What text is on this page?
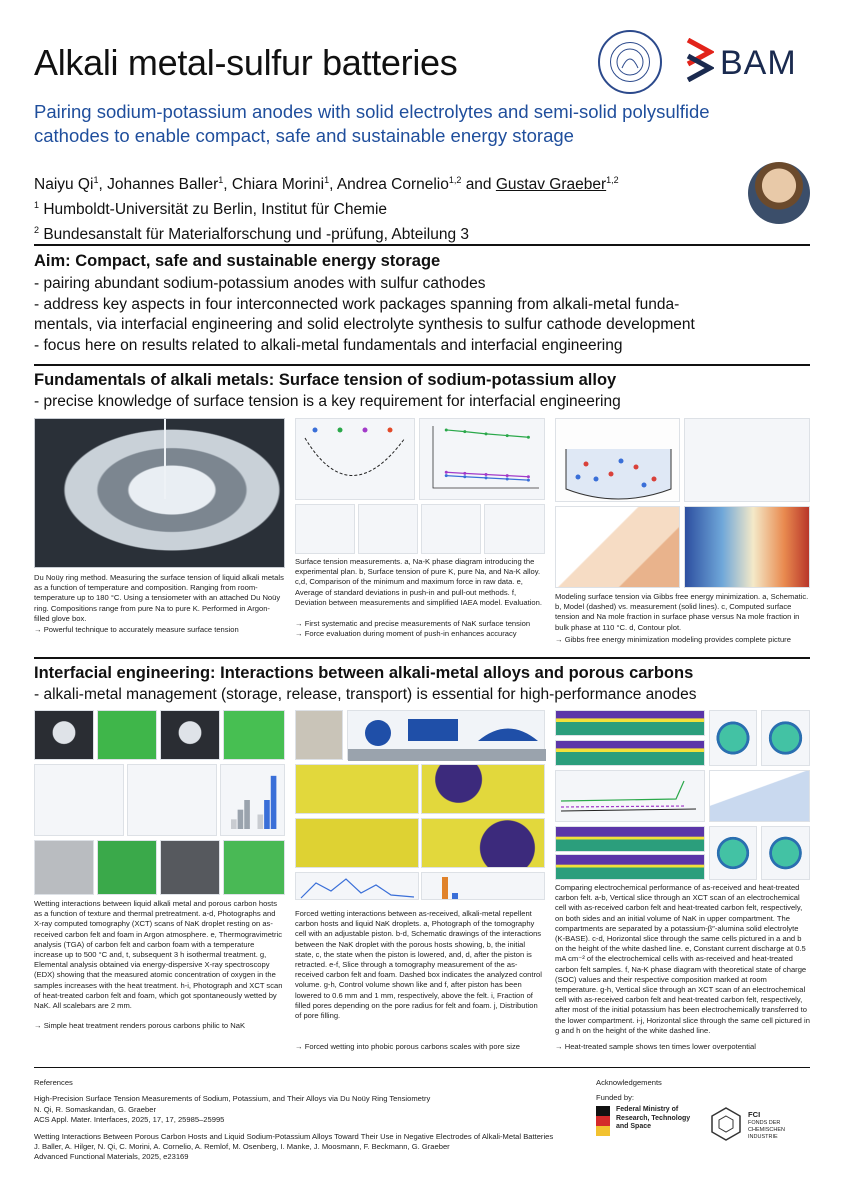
Alkali metal-sulfur batteries	BAM
Pairing sodium-potassium anodes with solid electrolytes and semi-solid polysulfide cathodes to enable compact, safe and sustainable energy storage
Naiyu Qi$^1$, Johannes Baller$^1$, Chiara Morini$^1$, Andrea Cornelio$^{1,2}$ and Gustav Graeber$^{1,2}$
$^1$ Humboldt-Universität zu Berlin, Institut für Chemie
$^2$ Bundesanstalt für Materialforschung und -prüfung, Abteilung 3
Aim: Compact, safe and sustainable energy storage
- pairing abundant sodium-potassium anodes with sulfur cathodes
- address key aspects in four interconnected work packages spanning from alkali-metal funda-
mentals, via interfacial engineering and solid electrolyte synthesis to sulfur cathode development
- focus here on results related to alkali-metal fundamentals and interfacial engineering
Fundamentals of alkali metals: Surface tension of sodium-potassium alloy
- precise knowledge of surface tension is a key requirement for interfacial engineering
Du Noüy ring method. Measuring the surface tension of liquid alkali metals as a function of temperature and composition. Ranging from room-temperature up to 180 °C. Using a tensiometer with an attached Du Noüy ring. Compositions range from pure Na to pure K. Performed in Argon-filled glove box.
→ Powerful technique to accurately measure surface tension
Surface tension measurements. a, Na-K phase diagram introducing the experimental plan. b, Surface tension of pure K, pure Na, and Na-K alloy. c,d, Comparison of the minimum and maximum force in raw data. e, Average of standard deviations in push-in and pull-out methods. f, Deviation between measurements and simplified IAEA model. Evaluation.
→ First systematic and precise measurements of NaK surface tension
→ Force evaluation during moment of push-in enhances accuracy
Modeling surface tension via Gibbs free energy minimization. a, Schematic. b, Model (dashed) vs. measurement (solid lines). c, Computed surface tension and Na mole fraction in surface phase versus Na mole fraction in bulk phase at 110 °C. d, Contour plot.
→ Gibbs free energy minimization modeling provides complete picture
Interfacial engineering: Interactions between alkali-metal alloys and porous carbons
- alkali-metal management (storage, release, transport) is essential for high-performance anodes
Wetting interactions between liquid alkali metal and porous carbon hosts as a function of texture and thermal pretreatment. a-d, Photographs and X-ray computed tomography (XCT) scans of NaK droplet resting on as-received carbon felt and foam in Argon atmosphere. e, Thermogravimetric analysis (TGA) of carbon felt and carbon foam with a temperature increase up to 500 °C and, t, subsequent 3 h isothermal treatment. g, Elemental analysis obtained via energy-dispersive X-ray spectroscopy (EDX) showing that the measured atomic concentration of oxygen in the samples increases with the heat treatment. h-i, Photograph and XCT scan of heat-treated carbon felt and foam, which got spontaneously wetted by NaK. All scalebars are 2 mm.
→ Simple heat treatment renders porous carbons philic to NaK
Forced wetting interactions between as-received, alkali-metal repellent carbon hosts and liquid NaK droplets. a, Photograph of the tomography cell with an adjustable piston. b-d, Schematic drawings of the interactions between the NaK droplet with the porous hosts showing, b, the initial state, c, the state when the piston is lowered, and, d, after the piston is retracted. e-f, Slice through a tomography measurement of the as-received carbon felt and foam. Dashed box indicates the analyzed control volume. g-h, Control volume shown like and f, after piston has been lowered to 0.6 mm and 1 mm, respectively, above the felt. i, Fraction of filled pores depending on the pore radius for felt and foam. j, Distribution of pore filling.
→ Forced wetting into phobic porous carbons scales with pore size
Comparing electrochemical performance of as-received and heat-treated carbon felt. a-b, Vertical slice through an XCT scan of an electrochemical cell with as-received carbon felt and heat-treated carbon felt, respectively, on both sides and an initial volume of NaK in upper compartment. The compartments are separated by a potassium-β″-alumina solid electrolyte (K-BASE). c-d, Horizontal slice through the same cells pictured in a and b on the height of the white dashed line. e, Constant current discharge at 0.5 mA cm⁻² of the electrochemical cells with as-received and heat-treated carbon felt samples. f, Na-K phase diagram with theoretical state of charge (SOC) values and their respective composition marked at room temperature. g-h, Vertical slice through an XCT scan of an electrochemical cell with as-received carbon felt and heat-treated carbon felt, respectively, after most of the initial potassium has been electrochemically transferred to the lower compartment. i-j, Horizontal slice through the same cell pictured in g and h on the height of the white dashed line.
→ Heat-treated sample shows ten times lower overpotential
References
High-Precision Surface Tension Measurements of Sodium, Potassium, and Their Alloys via Du Noüy Ring Tensiometry
N. Qi, R. Somaskandan, G. Graeber
ACS Appl. Mater. Interfaces, 2025, 17, 17, 25985–25995
Wetting Interactions Between Porous Carbon Hosts and Liquid Sodium-Potassium Alloys Toward Their Use in Negative Electrodes of Alkali-Metal Batteries
J. Baller, A. Hilger, N. Qi, C. Morini, A. Cornelio, A. Remlof, M. Osenberg, I. Manke, J. Moosmann, F. Beckmann, G. Graeber
Advanced Functional Materials, 2025, e23169
Acknowledgements
Funded by:
Federal Ministry of Research, Technology and Space
FCI
FONDS DER CHEMISCHEN INDUSTRIE
